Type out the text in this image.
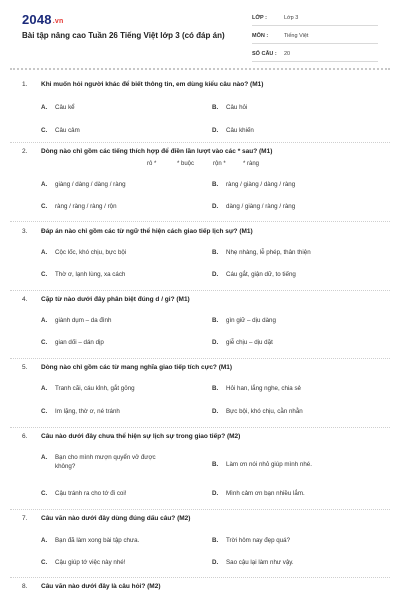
2048.vn
Bài tập nâng cao Tuần 26 Tiếng Việt lớp 3 (có đáp án)
LỚP :	Lớp 3
MÔN :	Tiếng Việt
SỐ CÂU :	20
1. Khi muốn hỏi người khác để biết thông tin, em dùng kiểu câu nào? (M1)
A. Câu kể	B. Câu hỏi
C. Câu cảm	D. Câu khiến
2. Dòng nào chỉ gồm các tiếng thích hợp để điền lần lượt vào các * sau? (M1)
rô *	* buộc	rộn *	* ràng
A. giàng / dàng / dàng / ràng	B. ràng / giàng / dàng / ràng
C. ràng / ràng / ràng / rộn	D. dàng / giàng / ràng / ràng
3. Đáp án nào chỉ gồm các từ ngữ thể hiện cách giao tiếp lịch sự? (M1)
A. Cộc lốc, khó chịu, bực bội	B. Nhẹ nhàng, lễ phép, thân thiện
C. Thờ ơ, lạnh lùng, xa cách	D. Cáu gắt, giận dữ, to tiếng
4. Cặp từ nào dưới đây phân biệt đúng d / gi? (M1)
A. giành dụm – da đình	B. gìn giữ – dịu dàng
C. gian dối – dán dịp	D. giễ chịu – dịu dặt
5. Dòng nào chỉ gồm các từ mang nghĩa giao tiếp tích cực? (M1)
A. Tranh cãi, cáu kỉnh, gắt gỏng	B. Hỏi han, lắng nghe, chia sẻ
C. Im lặng, thờ ơ, né tránh	D. Bực bội, khó chịu, cằn nhằn
6. Câu nào dưới đây chưa thể hiện sự lịch sự trong giao tiếp? (M2)
A. Bạn cho mình mượn quyển vở được không?	B. Làm ơn nói nhỏ giúp mình nhé.
C. Cậu tránh ra cho tớ đi coi!	D. Mình cảm ơn bạn nhiều lắm.
7. Câu văn nào dưới đây dùng đúng dấu câu? (M2)
A. Bạn đã làm xong bài tập chưa.	B. Trời hôm nay đẹp quá?
C. Cậu giúp tớ việc này nhé!	D. Sao cậu lại làm như vậy.
8. Câu văn nào dưới đây là câu hỏi? (M2)
